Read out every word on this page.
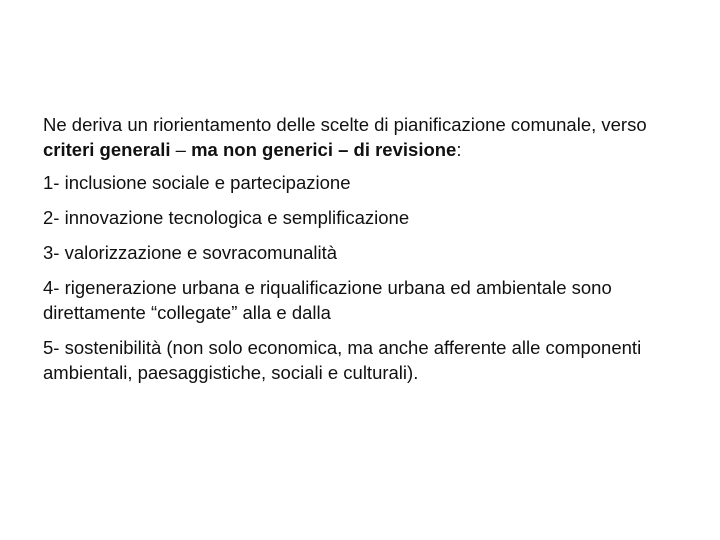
Ne deriva un riorientamento delle scelte di pianificazione comunale, verso criteri generali – ma non generici – di revisione:

1- inclusione sociale e partecipazione

2- innovazione tecnologica e semplificazione

3- valorizzazione e sovracomunalità

4- rigenerazione urbana e riqualificazione urbana ed ambientale sono direttamente “collegate” alla e dalla

5- sostenibilità (non solo economica, ma anche afferente alle componenti ambientali, paesaggistiche, sociali e culturali).
